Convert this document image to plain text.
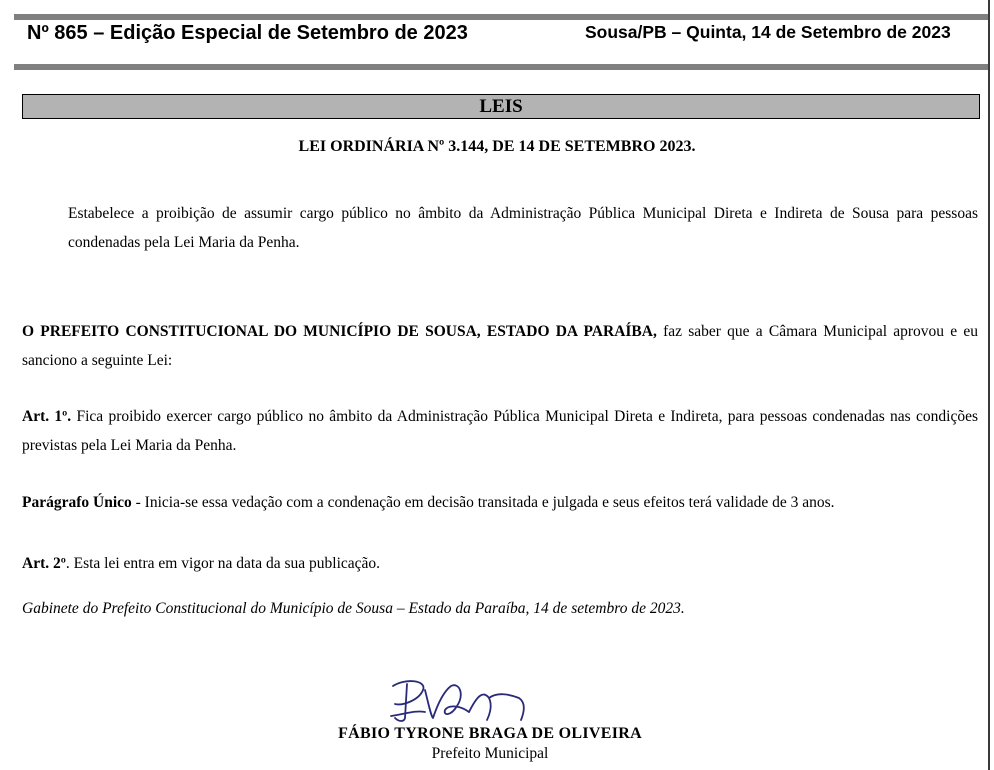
Nº 865 – Edição Especial de Setembro de 2023	Sousa/PB – Quinta, 14 de Setembro de 2023
LEIS
LEI ORDINÁRIA Nº 3.144, DE 14 DE SETEMBRO 2023.
Estabelece a proibição de assumir cargo público no âmbito da Administração Pública Municipal Direta e Indireta de Sousa para pessoas condenadas pela Lei Maria da Penha.
O PREFEITO CONSTITUCIONAL DO MUNICÍPIO DE SOUSA, ESTADO DA PARAÍBA, faz saber que a Câmara Municipal aprovou e eu sanciono a seguinte Lei:
Art. 1º. Fica proibido exercer cargo público no âmbito da Administração Pública Municipal Direta e Indireta, para pessoas condenadas nas condições previstas pela Lei Maria da Penha.
Parágrafo Único - Inicia-se essa vedação com a condenação em decisão transitada e julgada e seus efeitos terá validade de 3 anos.
Art. 2º. Esta lei entra em vigor na data da sua publicação.
Gabinete do Prefeito Constitucional do Município de Sousa – Estado da Paraíba, 14 de setembro de 2023.
FÁBIO TYRONE BRAGA DE OLIVEIRA
Prefeito Municipal
